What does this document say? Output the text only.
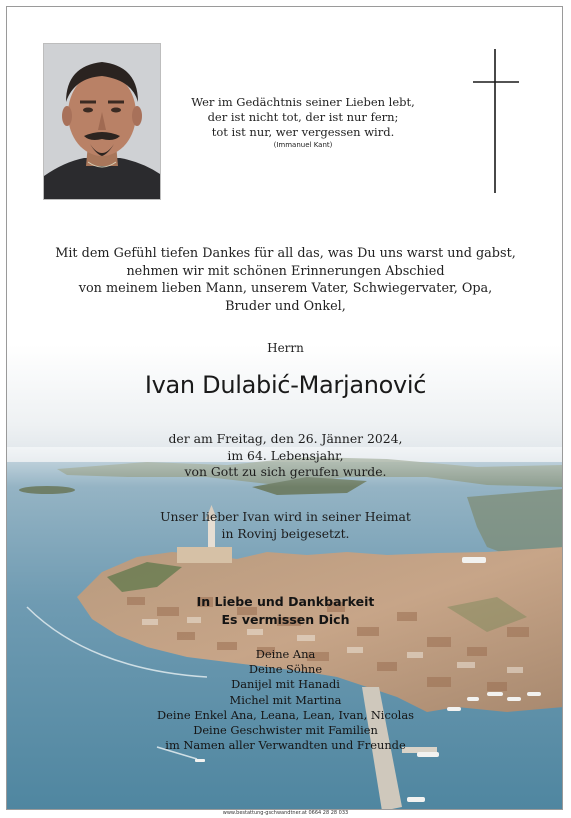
Wer im Gedächtnis seiner Lieben lebt,
der ist nicht tot, der ist nur fern;
tot ist nur, wer vergessen wird.
(Immanuel Kant)
Mit dem Gefühl tiefen Dankes für all das, was Du uns warst und gabst,
nehmen wir mit schönen Erinnerungen Abschied
von meinem lieben Mann, unserem Vater, Schwiegervater, Opa,
Bruder und Onkel,
Herrn
Ivan Dulabić-Marjanović
der am Freitag, den 26. Jänner 2024,
im 64. Lebensjahr,
von Gott zu sich gerufen wurde.
Unser lieber Ivan wird in seiner Heimat
in Rovinj beigesetzt.
In Liebe und Dankbarkeit
Es vermissen Dich
Deine Ana
Deine Söhne
Danijel mit Hanadi
Michel mit Martina
Deine Enkel Ana, Leana, Lean, Ivan, Nicolas
Deine Geschwister mit Familien
im Namen aller Verwandten und Freunde
www.bestattung-gschwandtner.at 0664 28 28 033
